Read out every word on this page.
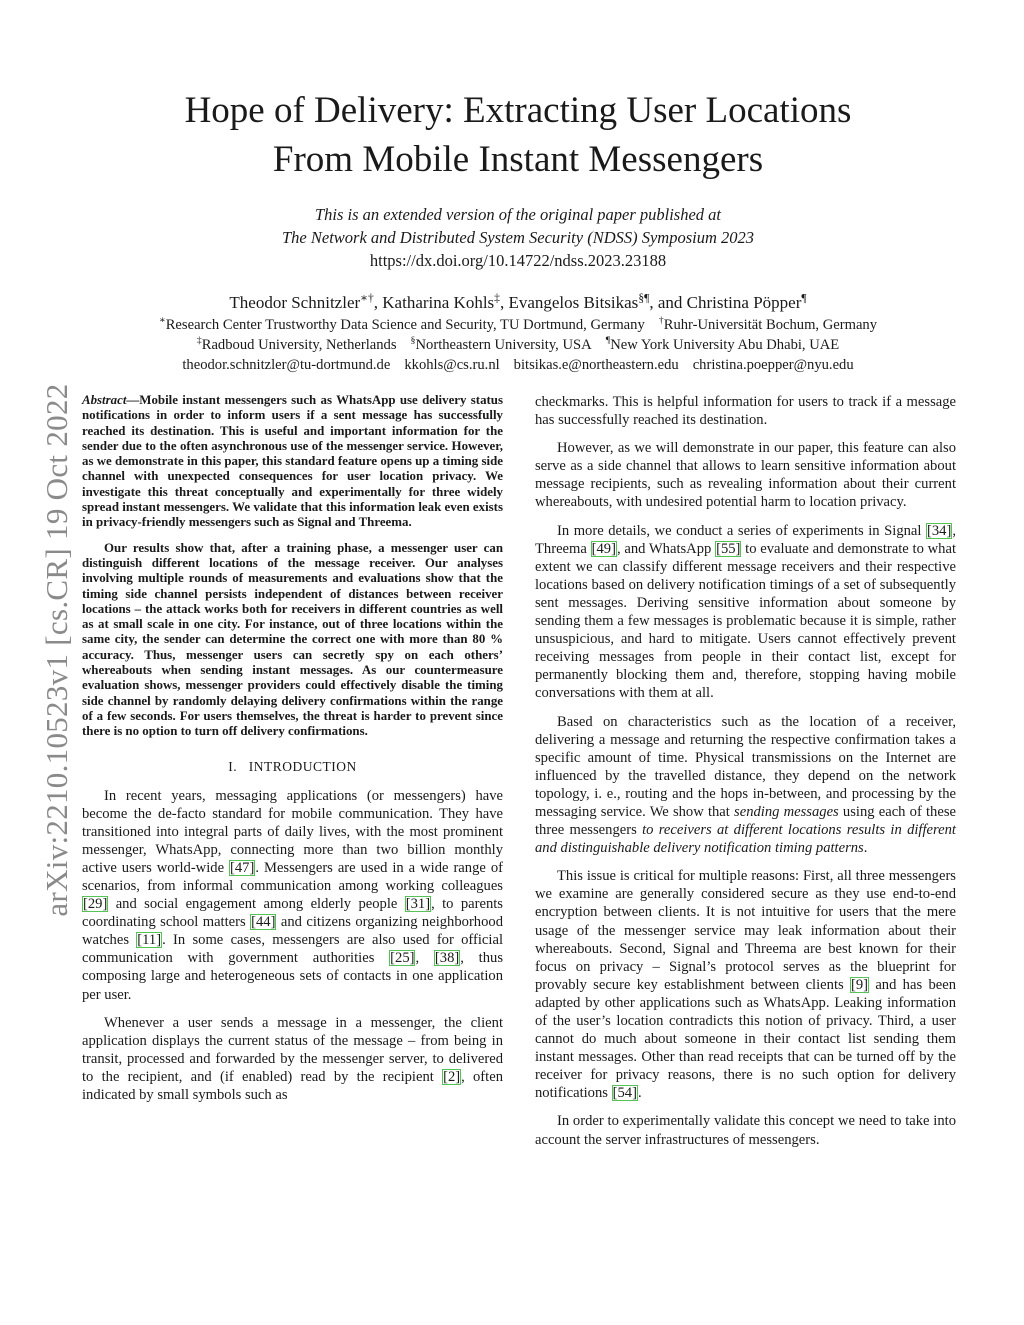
arXiv:2210.10523v1 [cs.CR] 19 Oct 2022
Hope of Delivery: Extracting User Locations
From Mobile Instant Messengers
This is an extended version of the original paper published at
The Network and Distributed System Security (NDSS) Symposium 2023
https://dx.doi.org/10.14722/ndss.2023.23188
Theodor Schnitzler∗†, Katharina Kohls‡, Evangelos Bitsikas§¶, and Christina Pöpper¶
∗Research Center Trustworthy Data Science and Security, TU Dortmund, Germany †Ruhr-Universität Bochum, Germany
‡Radboud University, Netherlands §Northeastern University, USA ¶New York University Abu Dhabi, UAE
theodor.schnitzler@tu-dortmund.de kkohls@cs.ru.nl bitsikas.e@northeastern.edu christina.poepper@nyu.edu

Abstract—Mobile instant messengers such as WhatsApp use delivery status notifications in order to inform users if a sent message has successfully reached its destination. This is useful and important information for the sender due to the often asynchronous use of the messenger service. However, as we demonstrate in this paper, this standard feature opens up a timing side channel with unexpected consequences for user location privacy. We investigate this threat conceptually and experimentally for three widely spread instant messengers. We validate that this information leak even exists in privacy-friendly messengers such as Signal and Threema.

Our results show that, after a training phase, a messenger user can distinguish different locations of the message receiver. Our analyses involving multiple rounds of measurements and evaluations show that the timing side channel persists independent of distances between receiver locations – the attack works both for receivers in different countries as well as at small scale in one city. For instance, out of three locations within the same city, the sender can determine the correct one with more than 80 % accuracy. Thus, messenger users can secretly spy on each others’ whereabouts when sending instant messages. As our countermeasure evaluation shows, messenger providers could effectively disable the timing side channel by randomly delaying delivery confirmations within the range of a few seconds. For users themselves, the threat is harder to prevent since there is no option to turn off delivery confirmations.

I. INTRODUCTION

In recent years, messaging applications (or messengers) have become the de-facto standard for mobile communication. They have transitioned into integral parts of daily lives, with the most prominent messenger, WhatsApp, connecting more than two billion monthly active users world-wide [47]. Messengers are used in a wide range of scenarios, from informal communication among working colleagues [29] and social engagement among elderly people [31], to parents coordinating school matters [44] and citizens organizing neighborhood watches [11]. In some cases, messengers are also used for official communication with government authorities [25], [38], thus composing large and heterogeneous sets of contacts in one application per user.

Whenever a user sends a message in a messenger, the client application displays the current status of the message – from being in transit, processed and forwarded by the messenger server, to delivered to the recipient, and (if enabled) read by the recipient [2], often indicated by small symbols such as

checkmarks. This is helpful information for users to track if a message has successfully reached its destination.

However, as we will demonstrate in our paper, this feature can also serve as a side channel that allows to learn sensitive information about message recipients, such as revealing information about their current whereabouts, with undesired potential harm to location privacy.

In more details, we conduct a series of experiments in Signal [34], Threema [49], and WhatsApp [55] to evaluate and demonstrate to what extent we can classify different message receivers and their respective locations based on delivery notification timings of a set of subsequently sent messages. Deriving sensitive information about someone by sending them a few messages is problematic because it is simple, rather unsuspicious, and hard to mitigate. Users cannot effectively prevent receiving messages from people in their contact list, except for permanently blocking them and, therefore, stopping having mobile conversations with them at all.

Based on characteristics such as the location of a receiver, delivering a message and returning the respective confirmation takes a specific amount of time. Physical transmissions on the Internet are influenced by the travelled distance, they depend on the network topology, i. e., routing and the hops in-between, and processing by the messaging service. We show that sending messages using each of these three messengers to receivers at different locations results in different and distinguishable delivery notification timing patterns.

This issue is critical for multiple reasons: First, all three messengers we examine are generally considered secure as they use end-to-end encryption between clients. It is not intuitive for users that the mere usage of the messenger service may leak information about their whereabouts. Second, Signal and Threema are best known for their focus on privacy – Signal’s protocol serves as the blueprint for provably secure key establishment between clients [9] and has been adapted by other applications such as WhatsApp. Leaking information of the user’s location contradicts this notion of privacy. Third, a user cannot do much about someone in their contact list sending them instant messages. Other than read receipts that can be turned off by the receiver for privacy reasons, there is no such option for delivery notifications [54].

In order to experimentally validate this concept we need to take into account the server infrastructures of messengers.
